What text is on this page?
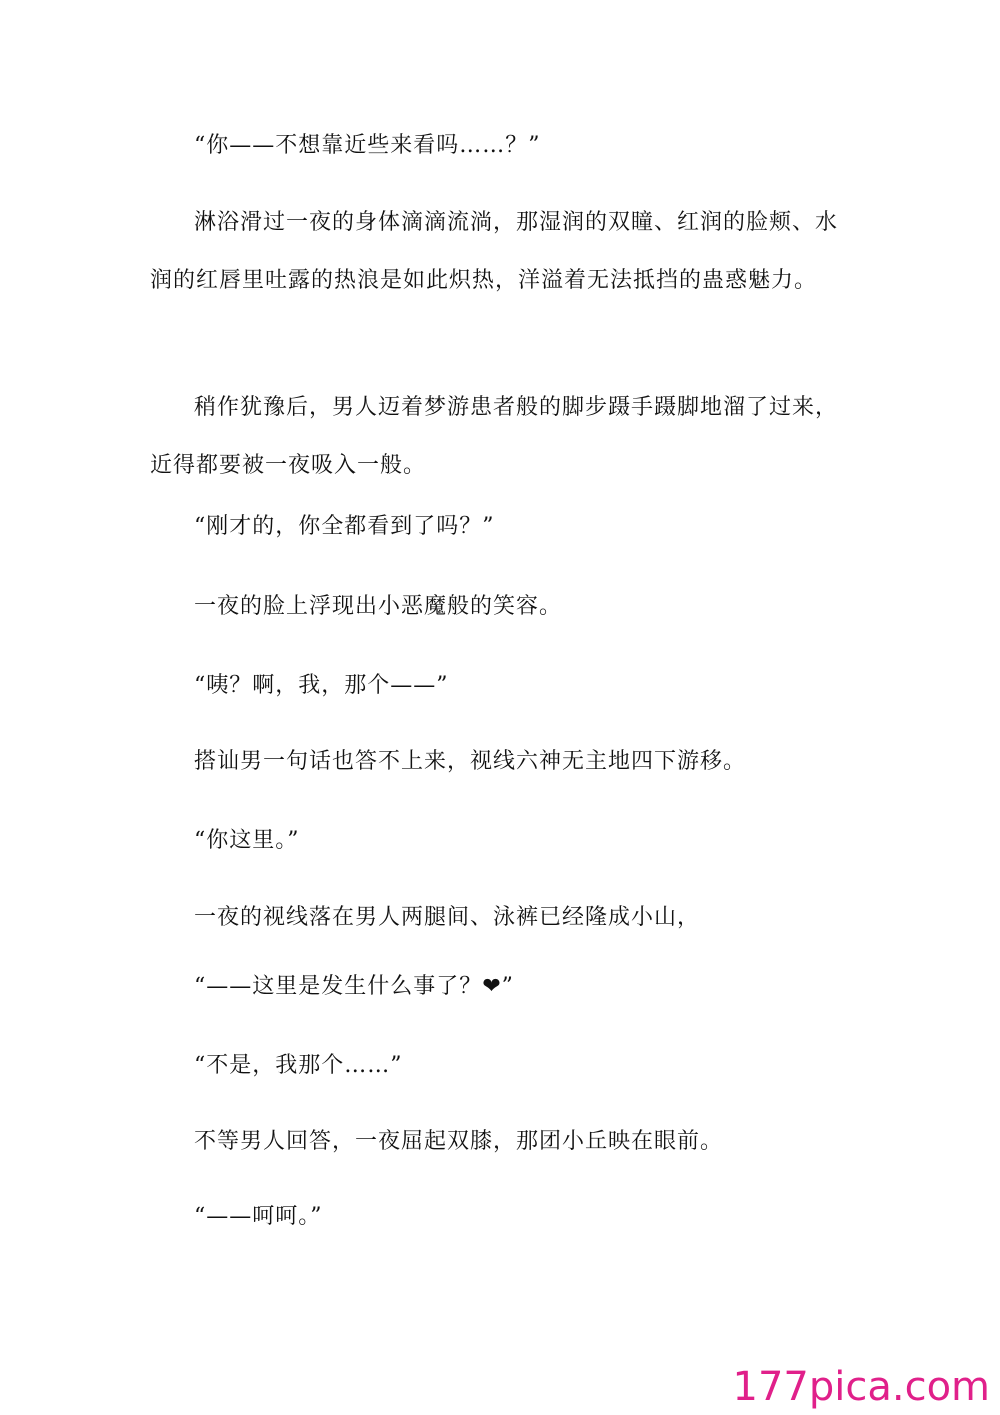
“你——不想靠近些来看吗……？”

淋浴滑过一夜的身体滴滴流淌，那湿润的双瞳、红润的脸颊、水润的红唇里吐露的热浪是如此炽热，洋溢着无法抵挡的蛊惑魅力。

稍作犹豫后，男人迈着梦游患者般的脚步蹑手蹑脚地溜了过来，近得都要被一夜吸入一般。

“刚才的，你全都看到了吗？”

一夜的脸上浮现出小恶魔般的笑容。

“咦？啊，我，那个——”

搭讪男一句话也答不上来，视线六神无主地四下游移。

“你这里。”

一夜的视线落在男人两腿间、泳裤已经隆成小山，

“——这里是发生什么事了？❤”

“不是，我那个……”

不等男人回答，一夜屈起双膝，那团小丘映在眼前。

“——呵呵。”

177pica.com
